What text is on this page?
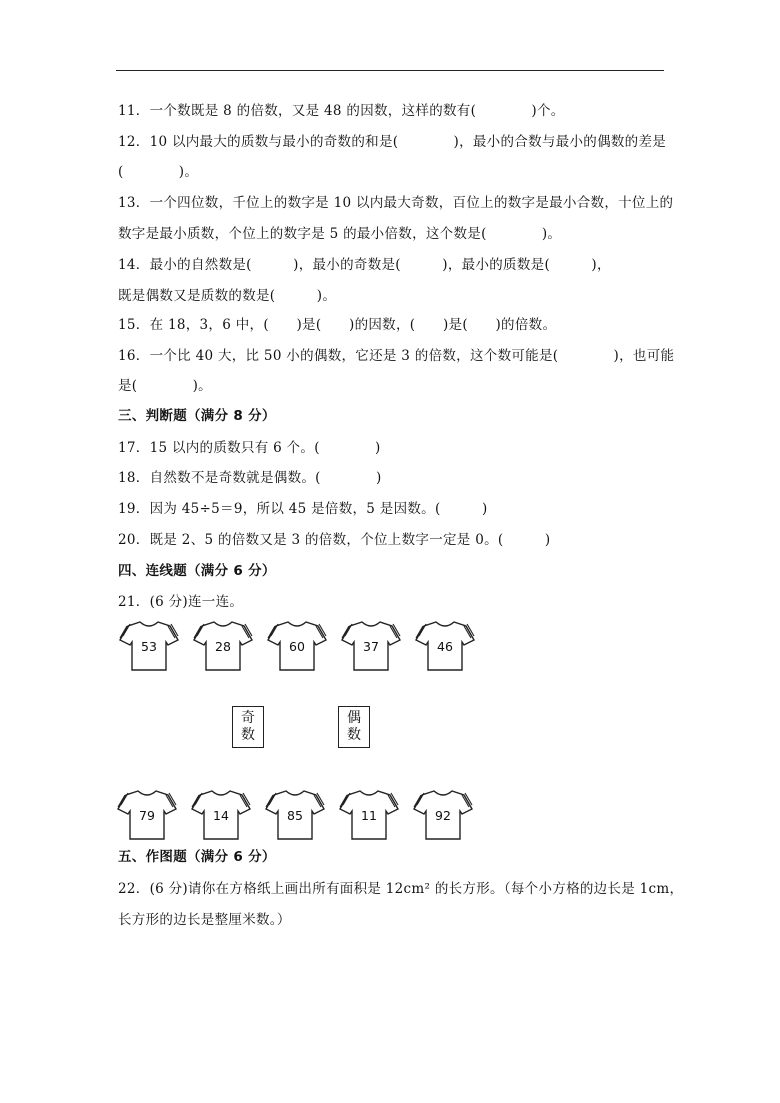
11．一个数既是 8 的倍数，又是 48 的因数，这样的数有(　　　　)个。
12．10 以内最大的质数与最小的奇数的和是(　　　　)，最小的合数与最小的偶数的差是
(　　　　)。
13．一个四位数，千位上的数字是 10 以内最大奇数，百位上的数字是最小合数，十位上的
数字是最小质数，个位上的数字是 5 的最小倍数，这个数是(　　　　)。
14．最小的自然数是(　　　)，最小的奇数是(　　　)，最小的质数是(　　　)，
既是偶数又是质数的数是(　　　)。
15．在 18，3，6 中，(　　)是(　　)的因数，(　　)是(　　)的倍数。
16．一个比 40 大，比 50 小的偶数，它还是 3 的倍数，这个数可能是(　　　　)，也可能
是(　　　　)。
三、判断题（满分 8 分）
17．15 以内的质数只有 6 个。(　　　　)
18．自然数不是奇数就是偶数。(　　　　)
19．因为 45÷5＝9，所以 45 是倍数，5 是因数。(　　　)
20．既是 2、5 的倍数又是 3 的倍数，个位上数字一定是 0。(　　　)
四、连线题（满分 6 分）
21．(6 分)连一连。
53	28	60	37	46
奇
数
偶
数
79	14	85	11	92
五、作图题（满分 6 分）
22．(6 分)请你在方格纸上画出所有面积是 12cm² 的长方形。（每个小方格的边长是 1cm，
长方形的边长是整厘米数。）
